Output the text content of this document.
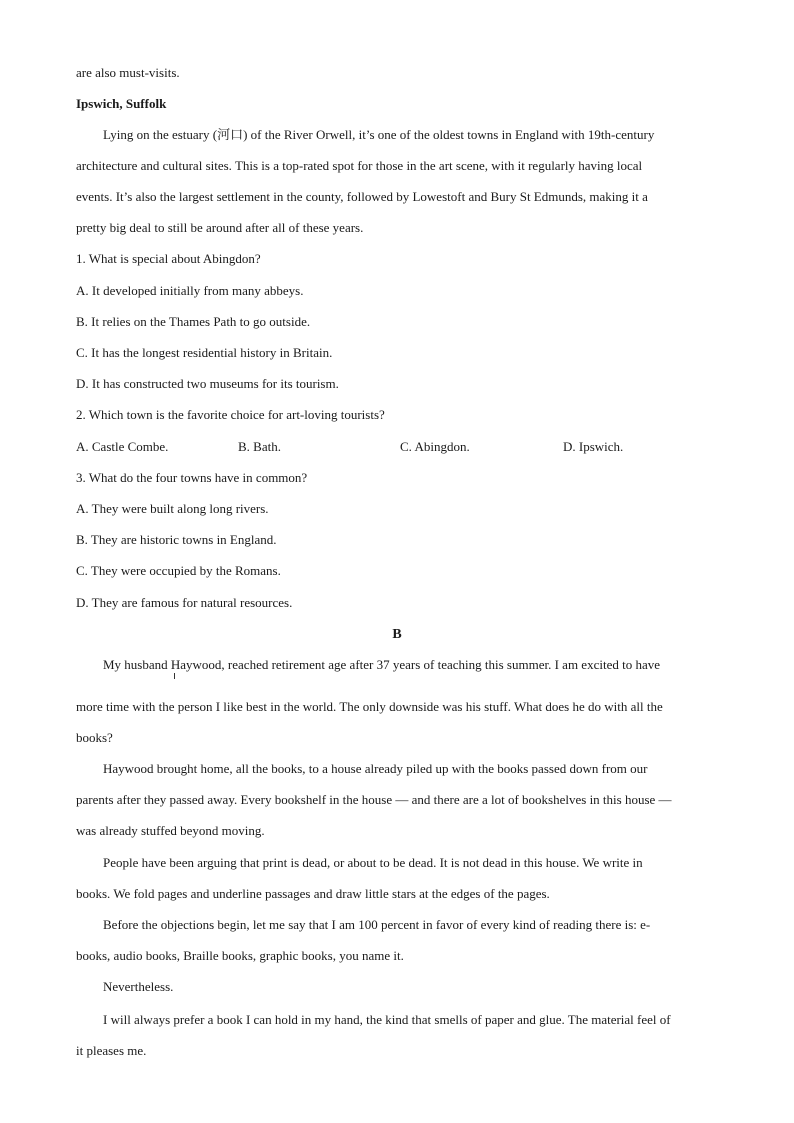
are also must-visits.
Ipswich, Suffolk
Lying on the estuary (河口) of the River Orwell, it’s one of the oldest towns in England with 19th-century
architecture and cultural sites. This is a top-rated spot for those in the art scene, with it regularly having local
events. It’s also the largest settlement in the county, followed by Lowestoft and Bury St Edmunds, making it a
pretty big deal to still be around after all of these years.
1. What is special about Abingdon?
A. It developed initially from many abbeys.
B. It relies on the Thames Path to go outside.
C. It has the longest residential history in Britain.
D. It has constructed two museums for its tourism.
2. Which town is the favorite choice for art-loving tourists?
A. Castle Combe.	B. Bath.	C. Abingdon.	D. Ipswich.
3. What do the four towns have in common?
A. They were built along long rivers.
B. They are historic towns in England.
C. They were occupied by the Romans.
D. They are famous for natural resources.
B
My husband Haywood, reached retirement age after 37 years of teaching this summer. I am excited to have
more time with the person I like best in the world. The only downside was his stuff. What does he do with all the
books?
Haywood brought home, all the books, to a house already piled up with the books passed down from our
parents after they passed away. Every bookshelf in the house — and there are a lot of bookshelves in this house —
was already stuffed beyond moving.
People have been arguing that print is dead, or about to be dead. It is not dead in this house. We write in
books. We fold pages and underline passages and draw little stars at the edges of the pages.
Before the objections begin, let me say that I am 100 percent in favor of every kind of reading there is: e-
books, audio books, Braille books, graphic books, you name it.
Nevertheless.
I will always prefer a book I can hold in my hand, the kind that smells of paper and glue. The material feel of
it pleases me.
